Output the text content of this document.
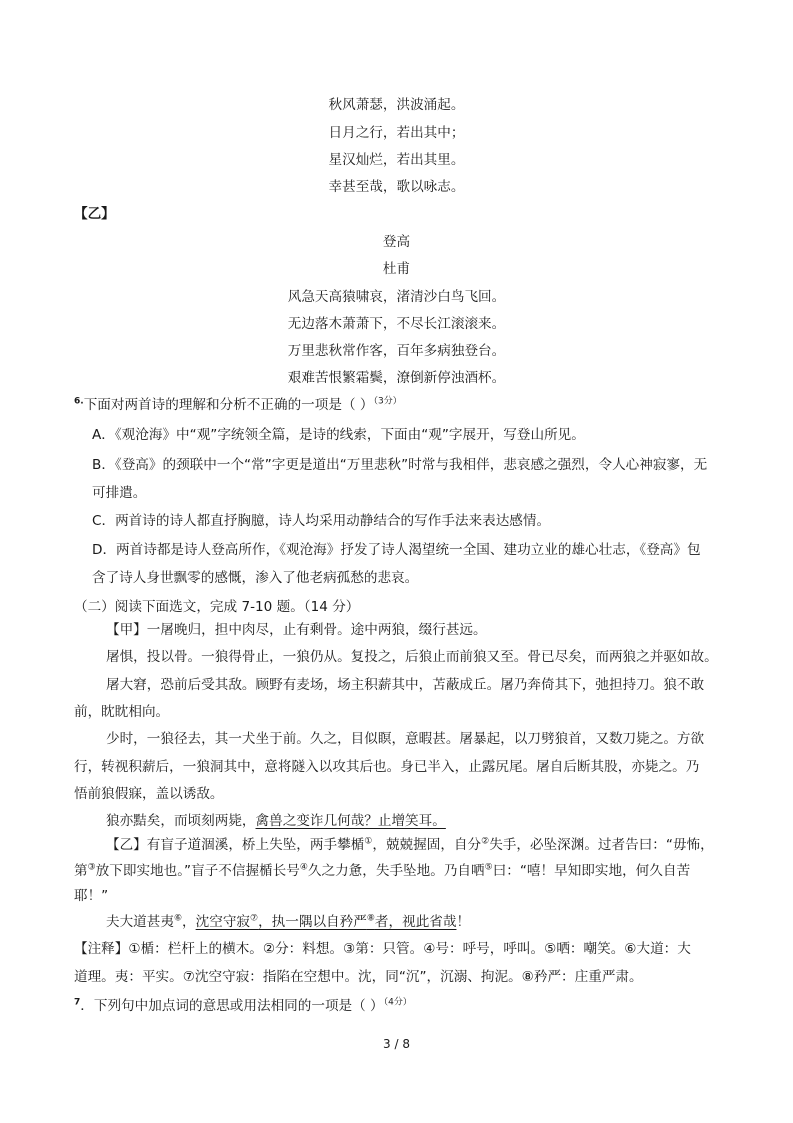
秋风萧瑟，洪波涌起。
日月之行，若出其中；
星汉灿烂，若出其里。
幸甚至哉，歌以咏志。
【乙】
登高
杜甫
风急天高猿啸哀，渚清沙白鸟飞回。
无边落木萧萧下，不尽长江滚滚来。
万里悲秋常作客，百年多病独登台。
艰难苦恨繁霜鬓，潦倒新停浊酒杯。
$^{6.}$下面对两首诗的理解和分析不正确的一项是（ ）$^{(3分)}$
A．《观沧海》中“观”字统领全篇，是诗的线索，下面由“观”字展开，写登山所见。
B．《登高》的颈联中一个“常”字更是道出“万里悲秋”时常与我相伴，悲哀感之强烈，令人心神寂寥，无
可排遣。
C．两首诗的诗人都直抒胸臆，诗人均采用动静结合的写作手法来表达感情。
D．两首诗都是诗人登高所作，《观沧海》抒发了诗人渴望统一全国、建功立业的雄心壮志，《登高》包
含了诗人身世飘零的感慨，渗入了他老病孤愁的悲哀。
（二）阅读下面选文，完成 7-10 题。（14 分）
【甲】一屠晚归，担中肉尽，止有剩骨。途中两狼，缀行甚远。
屠惧，投以骨。一狼得骨止，一狼仍从。复投之，后狼止而前狼又至。骨已尽矣，而两狼之并驱如故。
屠大窘，恐前后受其敌。顾野有麦场，场主积薪其中，苫蔽成丘。屠乃奔倚其下，弛担持刀。狼不敢
前，眈眈相向。
少时，一狼径去，其一犬坐于前。久之，目似瞑，意暇甚。屠暴起，以刀劈狼首，又数刀毙之。方欲
行，转视积薪后，一狼洞其中，意将隧入以攻其后也。身已半入，止露尻尾。屠自后断其股，亦毙之。乃
悟前狼假寐，盖以诱敌。
狼亦黠矣，而顷刻两毙，禽兽之变诈几何哉？止增笑耳。
【乙】有盲子道涸溪，桥上失坠，两手攀楯①，兢兢握固，自分②失手，必坠深渊。过者告曰：“毋怖，
第③放下即实地也。”盲子不信握楯长号④久之力惫，失手坠地。乃自哂⑤曰：“嘻！早知即实地，何久自苦
耶！”
夫大道甚夷⑥，沈空守寂⑦，执一隅以自矜严⑧者，视此省哉！
【注释】①楯：栏杆上的横木。②分：料想。③第：只管。④号：呼号，呼叫。⑤哂：嘲笑。⑥大道：大
道理。夷：平实。⑦沈空守寂：指陷在空想中。沈，同“沉”，沉溺、拘泥。⑧矜严：庄重严肃。
$^7$．下列句中加点词的意思或用法相同的一项是（ ）$^{(4分)}$
3 / 8
